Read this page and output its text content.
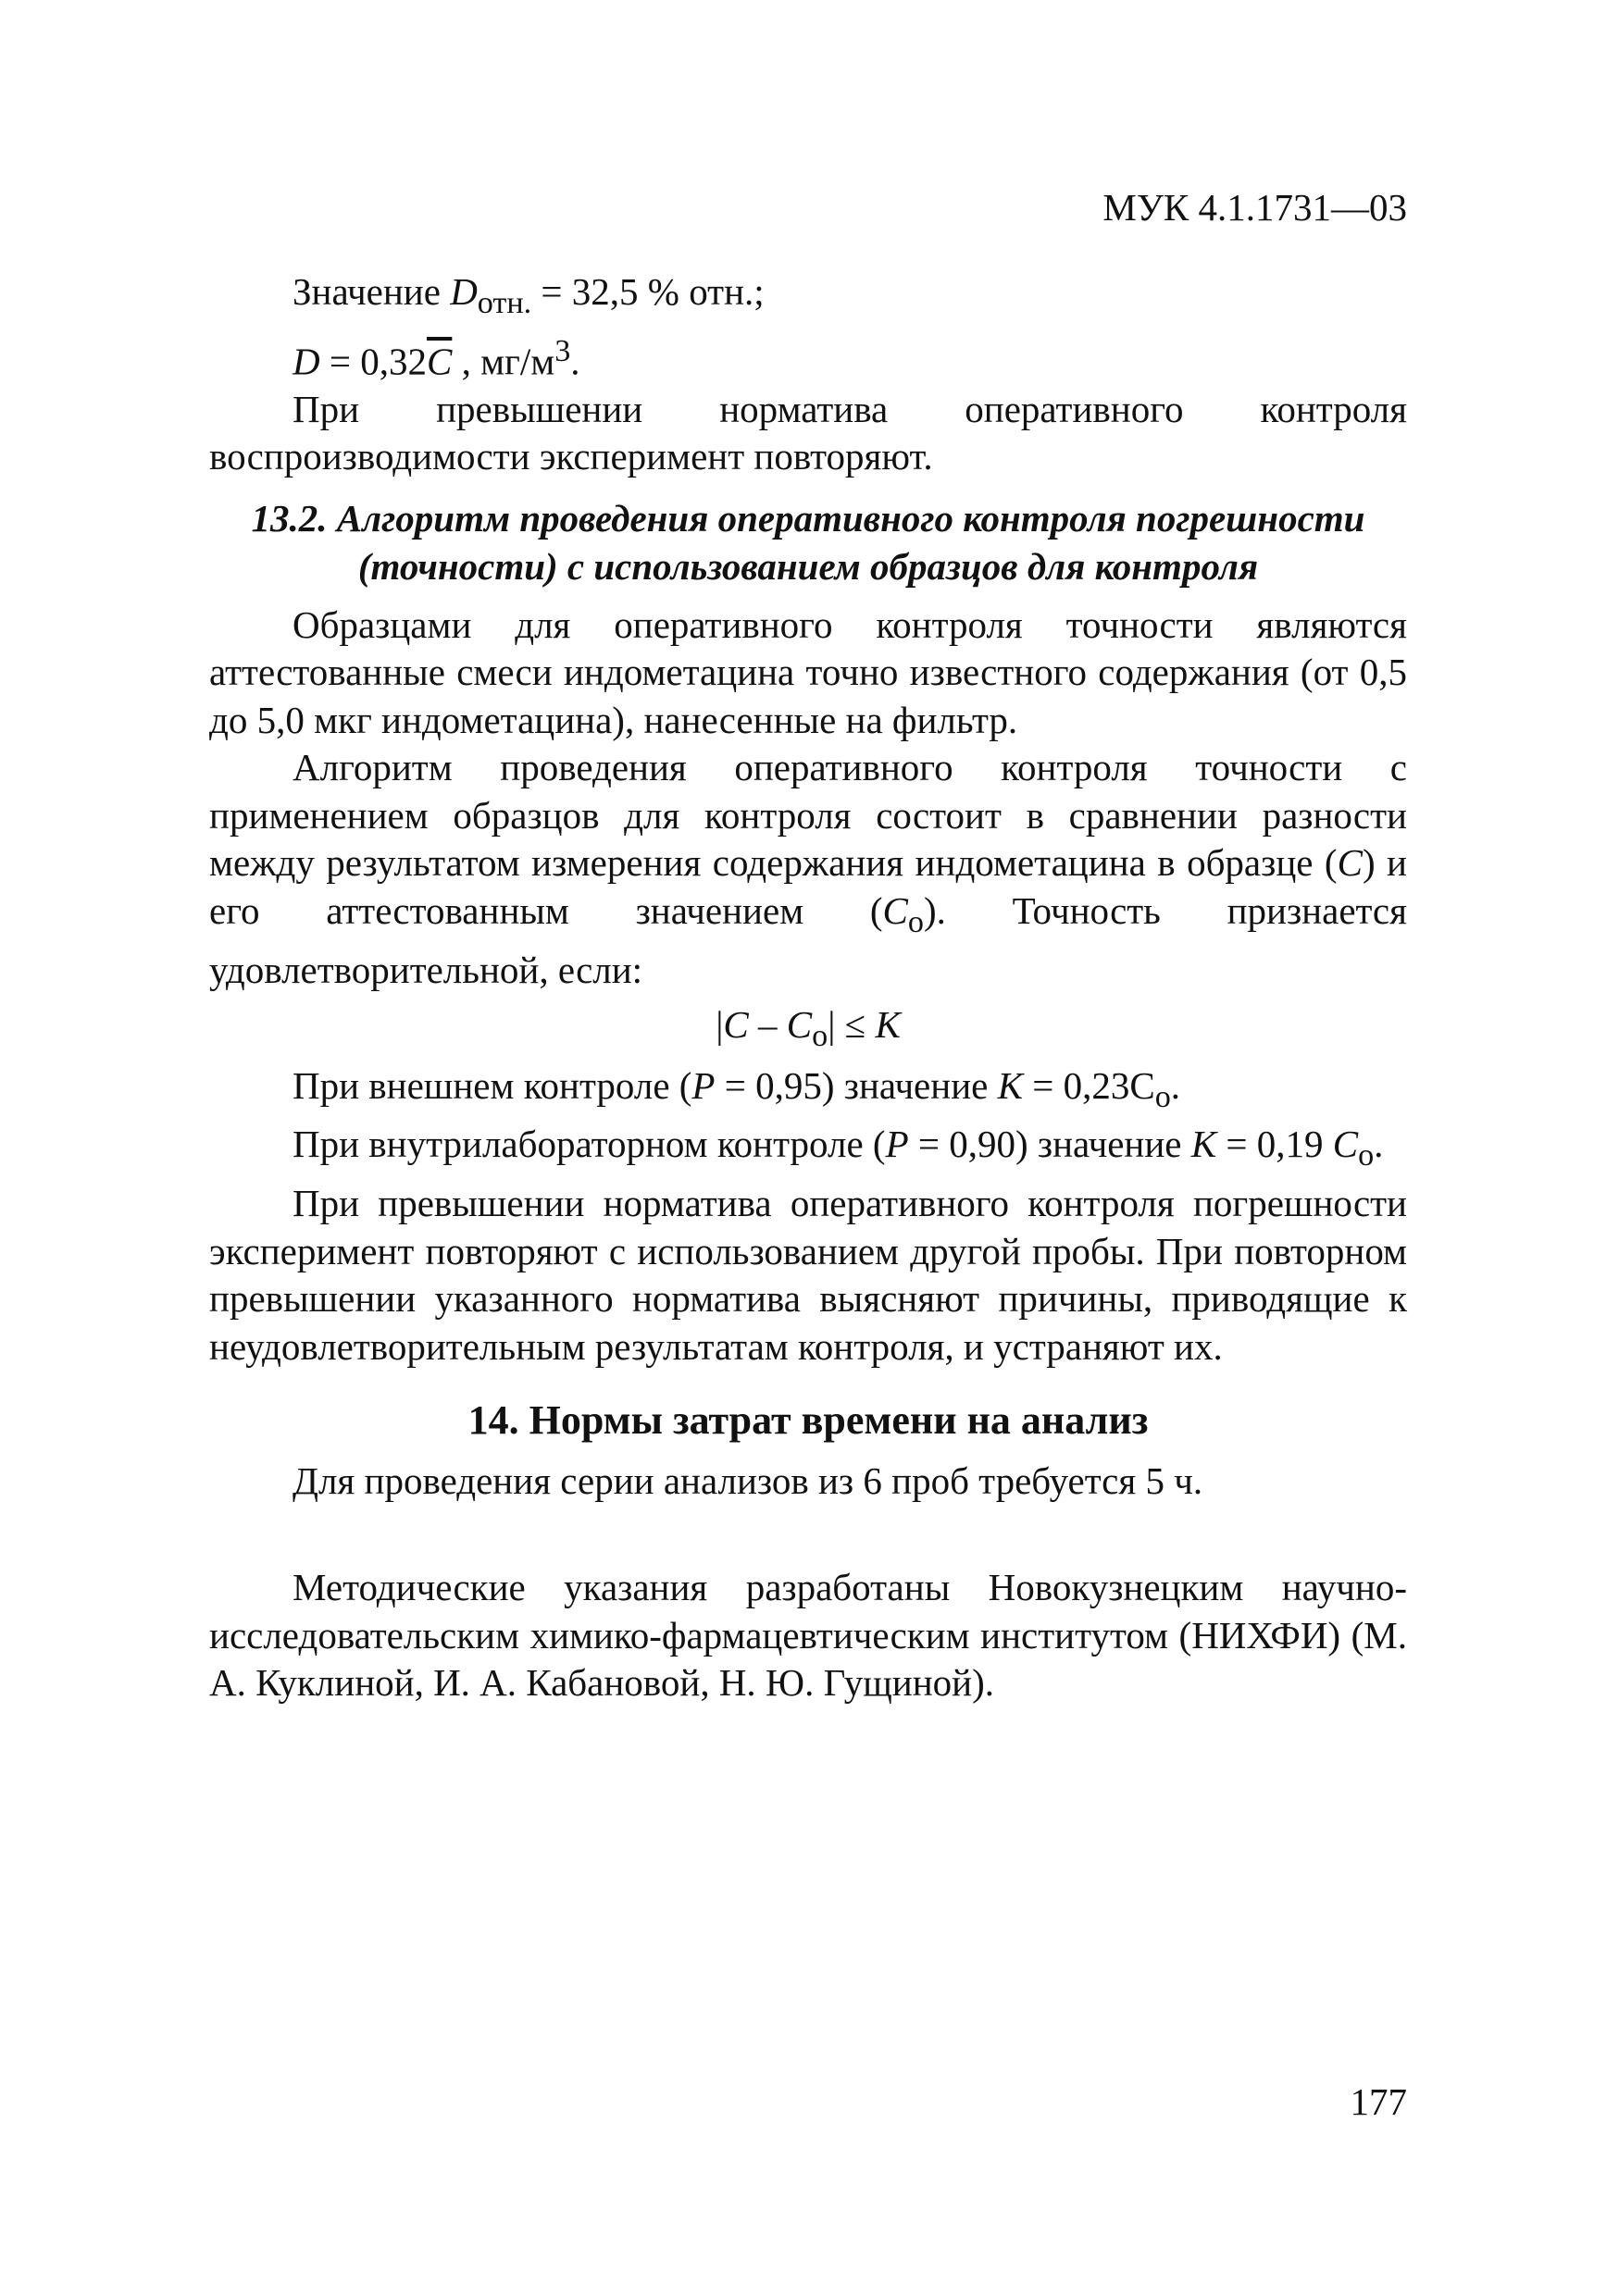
МУК 4.1.1731—03

Значение $D_{отн.} = 32,5$ % отн.;

$D = 0,32\overline{C}$ , $мг/м^3$.

При превышении норматива оперативного контроля воспроизводимости эксперимент повторяют.

13.2. Алгоритм проведения оперативного контроля погрешности (точности) с использованием образцов для контроля

Образцами для оперативного контроля точности являются аттестованные смеси индометацина точно известного содержания (от 0,5 до 5,0 мкг индометацина), нанесенные на фильтр.

Алгоритм проведения оперативного контроля точности с применением образцов для контроля состоит в сравнении разности между результатом измерения содержания индометацина в образце (C) и его аттестованным значением $(C_o)$. Точность признается удовлетворительной, если:

$|C - C_o| \le K$

При внешнем контроле (P = 0,95) значение $K = 0,23C_o$.

При внутрилабораторном контроле (P = 0,90) значение K = 0,19 $C_o$.

При превышении норматива оперативного контроля погрешности эксперимент повторяют с использованием другой пробы. При повторном превышении указанного норматива выясняют причины, приводящие к неудовлетворительным результатам контроля, и устраняют их.

14. Нормы затрат времени на анализ

Для проведения серии анализов из 6 проб требуется 5 ч.

Методические указания разработаны Новокузнецким научно-исследовательским химико-фармацевтическим институтом (НИХФИ) (М. А. Куклиной, И. А. Кабановой, Н. Ю. Гущиной).

177
